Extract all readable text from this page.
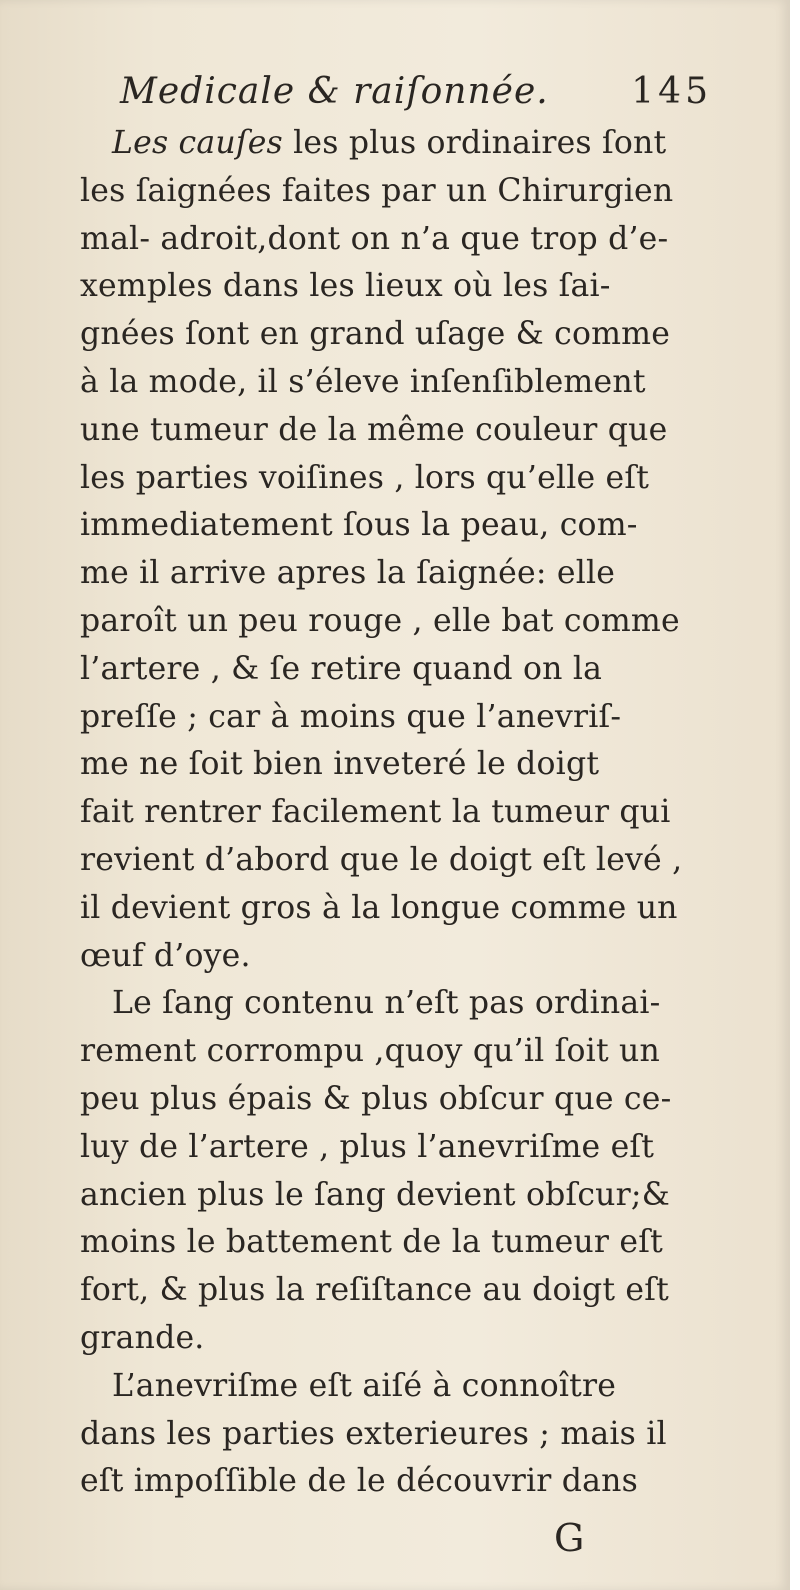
Medicale & raiſonnée. 145

Les cauſes les plus ordinaires ſont
les ſaignées faites par un Chirurgien
mal- adroit,dont on n’a que trop d’e-
xemples dans les lieux où les ſai-
gnées ſont en grand uſage & comme
à la mode, il s’éleve inſenſiblement
une tumeur de la même couleur que
les parties voiſines , lors qu’elle eſt
immediatement ſous la peau, com-
me il arrive apres la ſaignée: elle
paroît un peu rouge , elle bat comme
l’artere , & ſe retire quand on la
preſſe ; car à moins que l’anevriſ-
me ne ſoit bien inveteré le doigt
fait rentrer facilement la tumeur qui
revient d’abord que le doigt eſt levé ,
il devient gros à la longue comme un
œuf d’oye.

Le ſang contenu n’eſt pas ordinai-
rement corrompu ,quoy qu’il ſoit un
peu plus épais & plus obſcur que ce-
luy de l’artere , plus l’anevriſme eſt
ancien plus le ſang devient obſcur;&
moins le battement de la tumeur eſt
fort, & plus la reſiſtance au doigt eſt
grande.

L’anevriſme eſt aiſé à connoître
dans les parties exterieures ; mais il
eſt impoſſible de le découvrir dans

G
